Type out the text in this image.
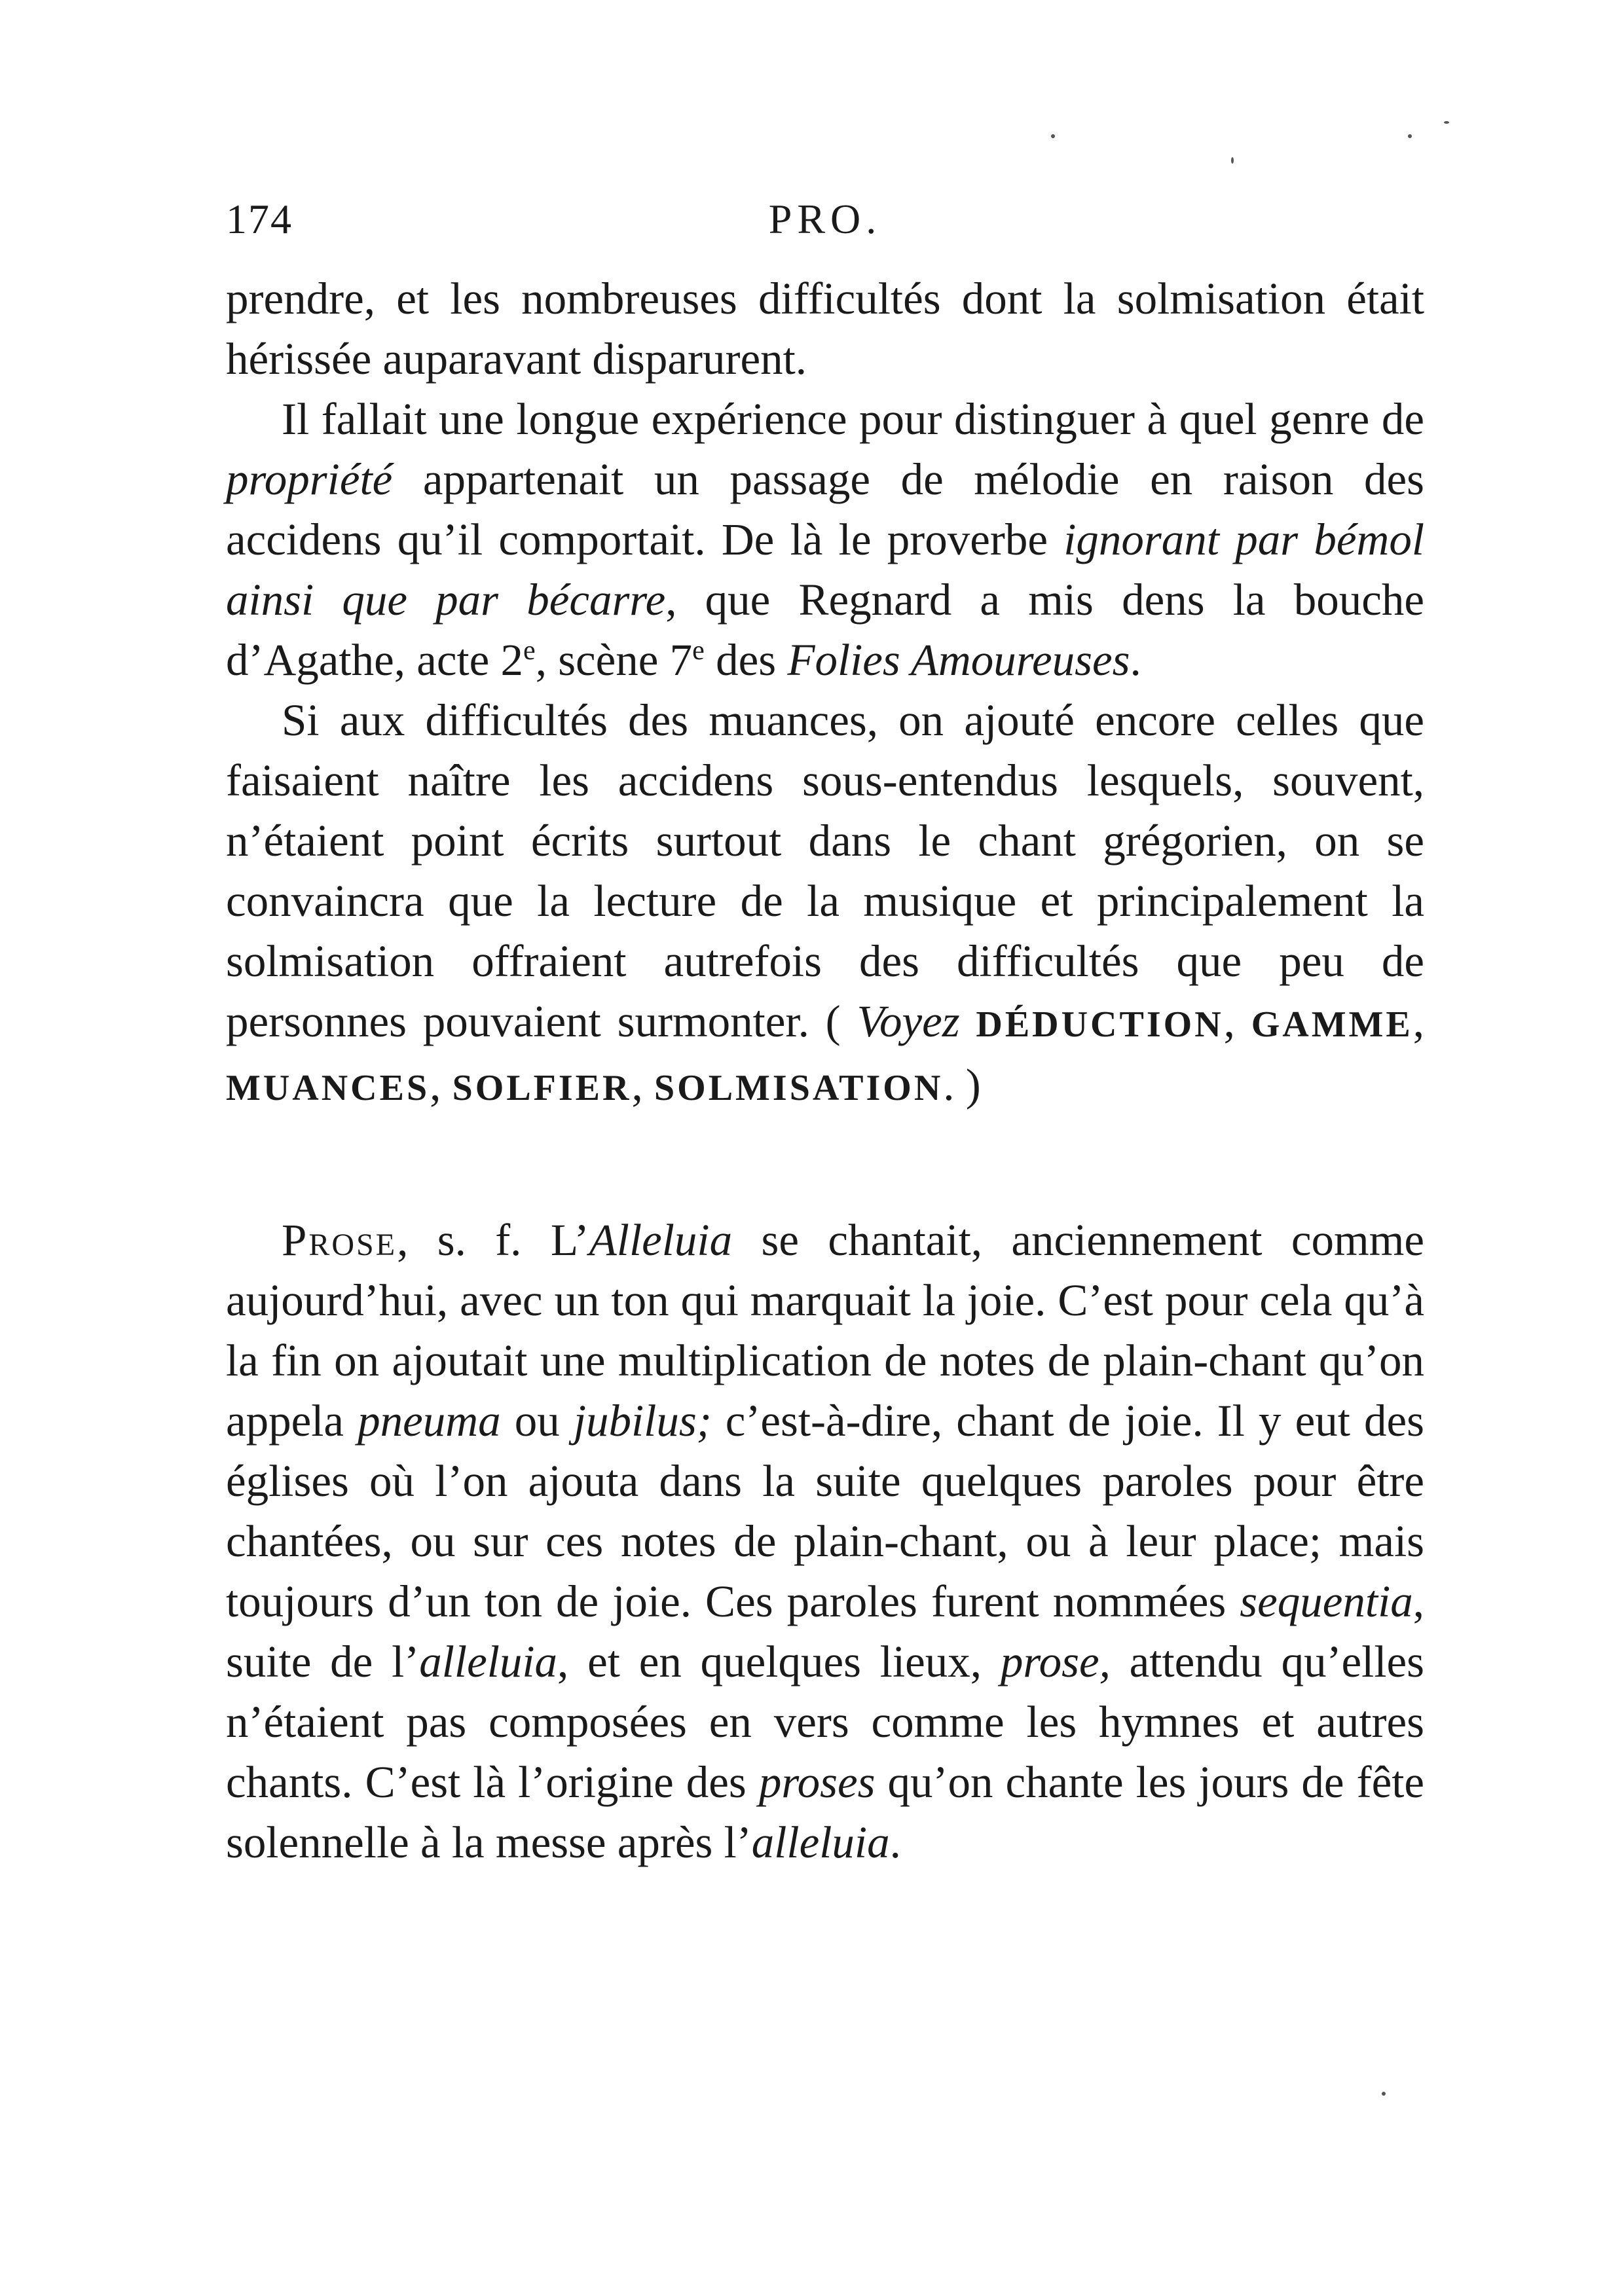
174	PRO.

prendre, et les nombreuses difficultés dont la solmisation était hérissée auparavant disparurent.

Il fallait une longue expérience pour distinguer à quel genre de propriété appartenait un passage de mélodie en raison des accidens qu’il comportait. De là le proverbe ignorant par bémol ainsi que par bécarre, que Regnard a mis dens la bouche d’Agathe, acte 2e, scène 7e des Folies Amoureuses.

Si aux difficultés des muances, on ajouté encore celles que faisaient naître les accidens sous-entendus lesquels, souvent, n’étaient point écrits surtout dans le chant grégorien, on se convaincra que la lecture de la musique et principalement la solmisation offraient autrefois des difficultés que peu de personnes pouvaient surmonter. ( Voyez DÉDUCTION, GAMME, MUANCES, SOLFIER, SOLMISATION. )

Prose, s. f. L’Alleluia se chantait, anciennement comme aujourd’hui, avec un ton qui marquait la joie. C’est pour cela qu’à la fin on ajoutait une multiplication de notes de plain-chant qu’on appela pneuma ou jubilus; c’est-à-dire, chant de joie. Il y eut des églises où l’on ajouta dans la suite quelques paroles pour être chantées, ou sur ces notes de plain-chant, ou à leur place; mais toujours d’un ton de joie. Ces paroles furent nommées sequentia, suite de l’alleluia, et en quelques lieux, prose, attendu qu’elles n’étaient pas composées en vers comme les hymnes et autres chants. C’est là l’origine des proses qu’on chante les jours de fête solennelle à la messe après l’alleluia.
